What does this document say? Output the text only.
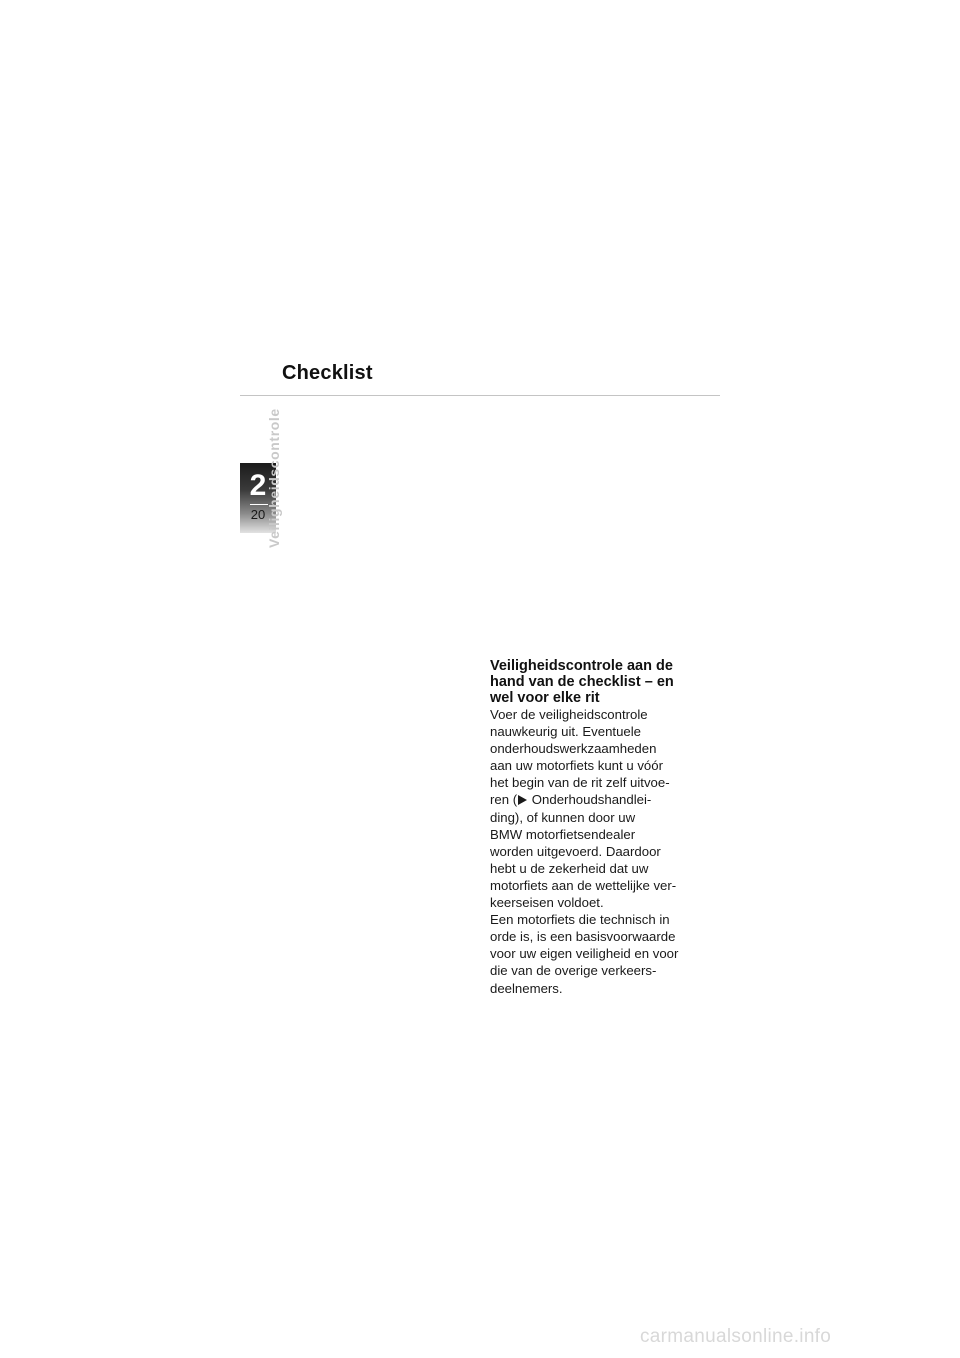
Checklist
2
20 Veiligheidscontrole
Veiligheidscontrole aan de
hand van de checklist – en
wel voor elke rit

Voer de veiligheidscontrole

nauwkeurig uit. Eventuele

onderhoudswerkzaamheden

aan uw motorfiets kunt u vóór

het begin van de rit zelf uitvoe-

ren ( Onderhoudshandlei-

ding), of kunnen door uw

BMW motorfietsendealer

worden uitgevoerd. Daardoor

hebt u de zekerheid dat uw

motorfiets aan de wettelijke ver-

keerseisen voldoet.

Een motorfiets die technisch in

orde is, is een basisvoorwaarde

voor uw eigen veiligheid en voor

die van de overige verkeers-

deelnemers.

carmanualsonline.info
